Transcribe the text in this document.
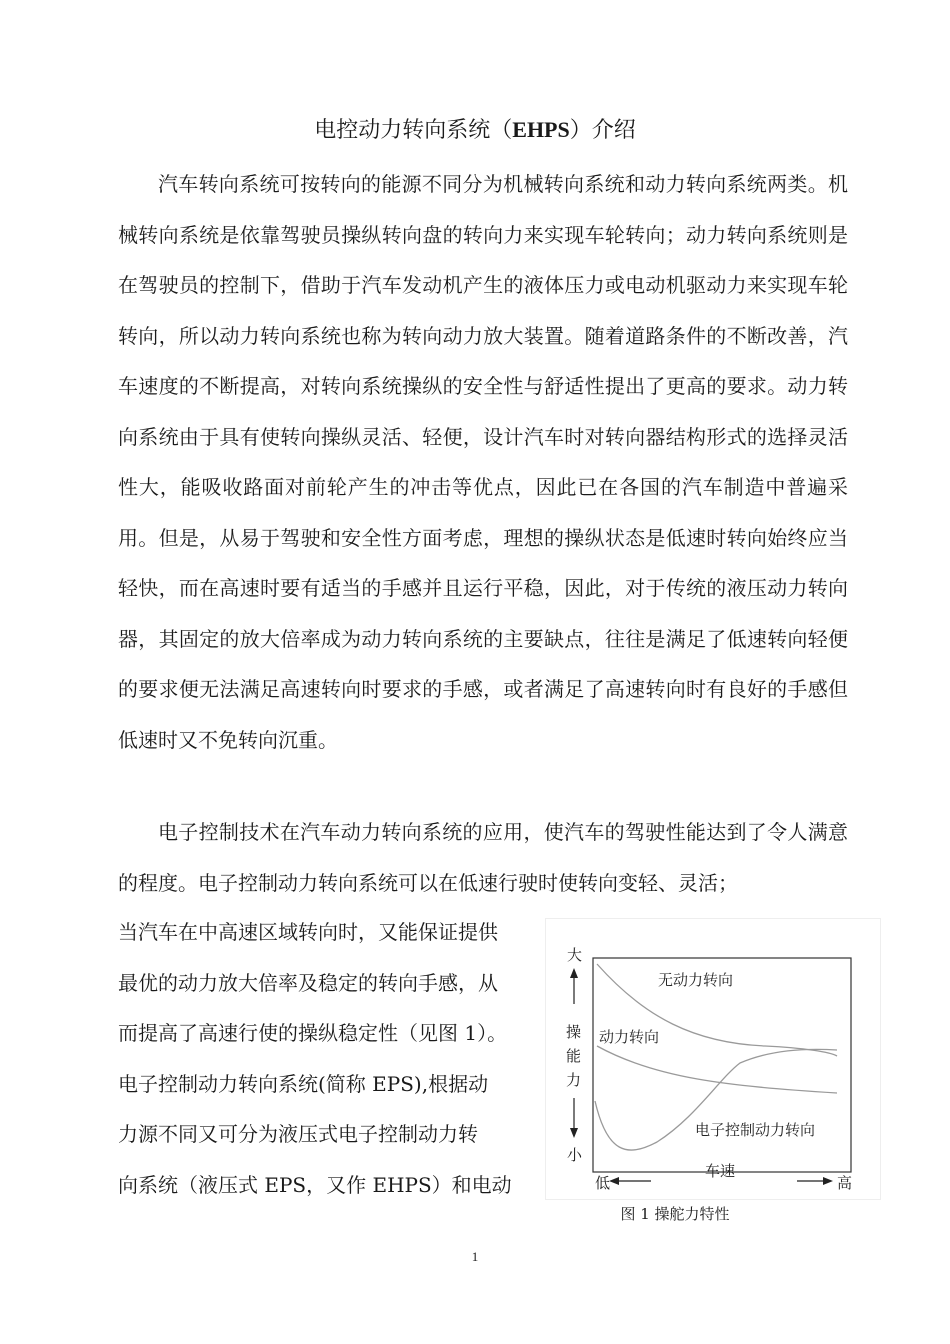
电控动力转向系统（EHPS）介绍

汽车转向系统可按转向的能源不同分为机械转向系统和动力转向系统两类。机械转向系统是依靠驾驶员操纵转向盘的转向力来实现车轮转向；动力转向系统则是在驾驶员的控制下，借助于汽车发动机产生的液体压力或电动机驱动力来实现车轮转向，所以动力转向系统也称为转向动力放大装置。随着道路条件的不断改善，汽车速度的不断提高，对转向系统操纵的安全性与舒适性提出了更高的要求。动力转向系统由于具有使转向操纵灵活、轻便，设计汽车时对转向器结构形式的选择灵活性大，能吸收路面对前轮产生的冲击等优点，因此已在各国的汽车制造中普遍采用。但是，从易于驾驶和安全性方面考虑，理想的操纵状态是低速时转向始终应当轻快，而在高速时要有适当的手感并且运行平稳，因此，对于传统的液压动力转向器，其固定的放大倍率成为动力转向系统的主要缺点，往往是满足了低速转向轻便的要求便无法满足高速转向时要求的手感，或者满足了高速转向时有良好的手感但低速时又不免转向沉重。

电子控制技术在汽车动力转向系统的应用，使汽车的驾驶性能达到了令人满意的程度。电子控制动力转向系统可以在低速行驶时使转向变轻、灵活；

当汽车在中高速区域转向时，又能保证提供
最优的动力放大倍率及稳定的转向手感，从
而提高了高速行使的操纵稳定性（见图 1）。
电子控制动力转向系统(简称 EPS),根据动
力源不同又可分为液压式电子控制动力转
向系统（液压式 EPS，又作 EHPS）和电动
大
操
能
力
小
低
车速
高
无动力转向
动力转向
电子控制动力转向
图 1 操舵力特性
1
